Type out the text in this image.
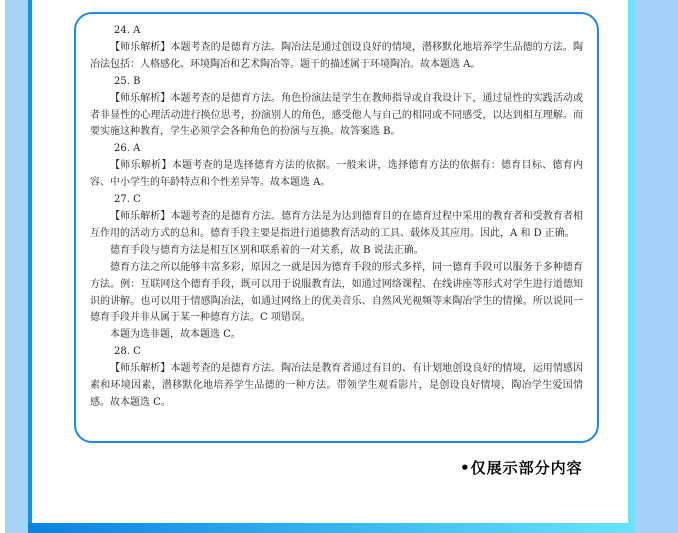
24. A

【师乐解析】本题考查的是德育方法。陶冶法是通过创设良好的情境，潜移默化地培养学生品德的方法。陶冶法包括：人格感化、环境陶冶和艺术陶冶等。题干的描述属于环境陶冶。故本题选 A。

25. B

【师乐解析】本题考查的是德育方法。角色扮演法是学生在教师指导或自我设计下，通过显性的实践活动或者非显性的心理活动进行换位思考，扮演别人的角色，感受他人与自己的相同或不同感受，以达到相互理解。而要实施这种教育，学生必须学会各种角色的扮演与互换。故答案选 B。

26. A

【师乐解析】本题考查的是选择德育方法的依据。一般来讲，选择德育方法的依据有：德育目标、德育内容、中小学生的年龄特点和个性差异等。故本题选 A。

27. C

【师乐解析】本题考查的是德育方法。德育方法是为达到德育目的在德育过程中采用的教育者和受教育者相互作用的活动方式的总和。德育手段主要是指进行道德教育活动的工具、载体及其应用。因此，A 和 D 正确。

德育手段与德育方法是相互区别和联系着的一对关系，故 B 说法正确。

德育方法之所以能够丰富多彩，原因之一就是因为德育手段的形式多样，同一德育手段可以服务于多种德育方法。例：互联网这个德育手段，既可以用于说服教育法，如通过网络课程、在线讲座等形式对学生进行道德知识的讲解。也可以用于情感陶冶法，如通过网络上的优美音乐、自然风光视频等来陶冶学生的情操。所以说同一德育手段并非从属于某一种德育方法。C 项错误。

本题为选非题，故本题选 C。

28. C

【师乐解析】本题考查的是德育方法。陶冶法是教育者通过有目的、有计划地创设良好的情境，运用情感因素和环境因素，潜移默化地培养学生品德的一种方法。带领学生观看影片，是创设良好情境，陶冶学生爱国情感。故本题选 C。

•仅展示部分内容
